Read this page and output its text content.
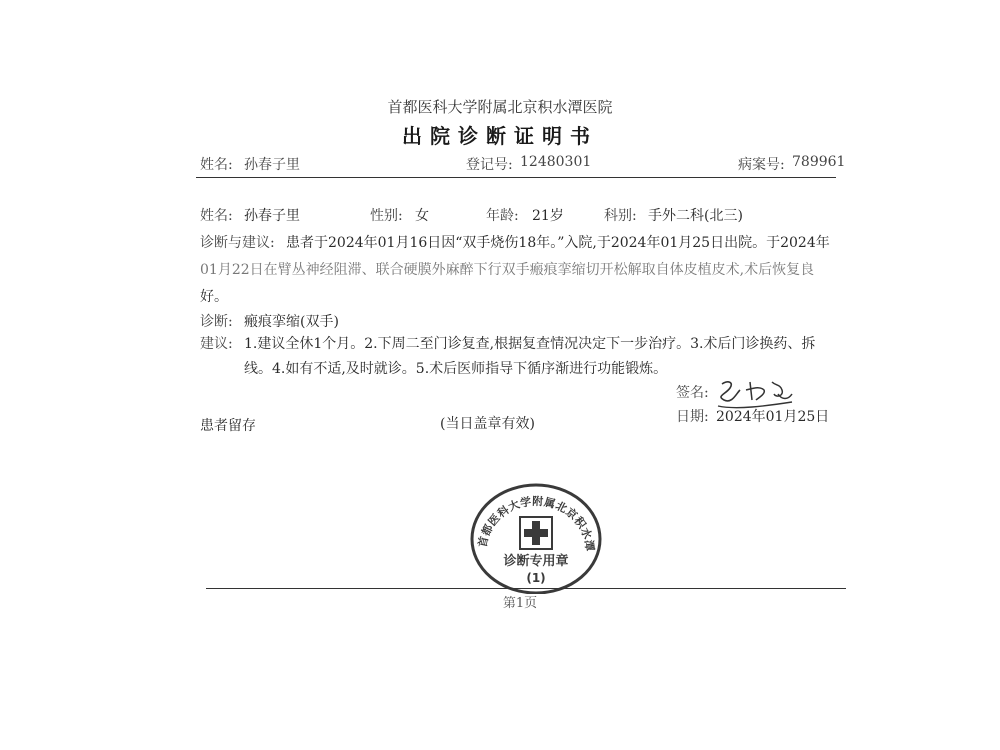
首都医科大学附属北京积水潭医院
出院诊断证明书
姓名: 孙春子里	登记号: 12480301	病案号: 789961
姓名: 孙春子里	性别: 女	年龄: 21岁	科别: 手外二科(北三)
诊断与建议: 患者于2024年01月16日因“双手烧伤18年。”入院,于2024年01月25日出院。于2024年
01月22日在臂丛神经阻滞、联合硬膜外麻醉下行双手瘢痕挛缩切开松解取自体皮植皮术,术后恢复良
好。
诊断: 瘢痕挛缩(双手)
建议: 1.建议全休1个月。2.下周二至门诊复查,根据复查情况决定下一步治疗。3.术后门诊换药、拆
线。4.如有不适,及时就诊。5.术后医师指导下循序渐进行功能锻炼。
签名:
日期: 2024年01月25日
患者留存	(当日盖章有效)
首都医科大学附属北京积水潭
诊断专用章
(1)
第1页
